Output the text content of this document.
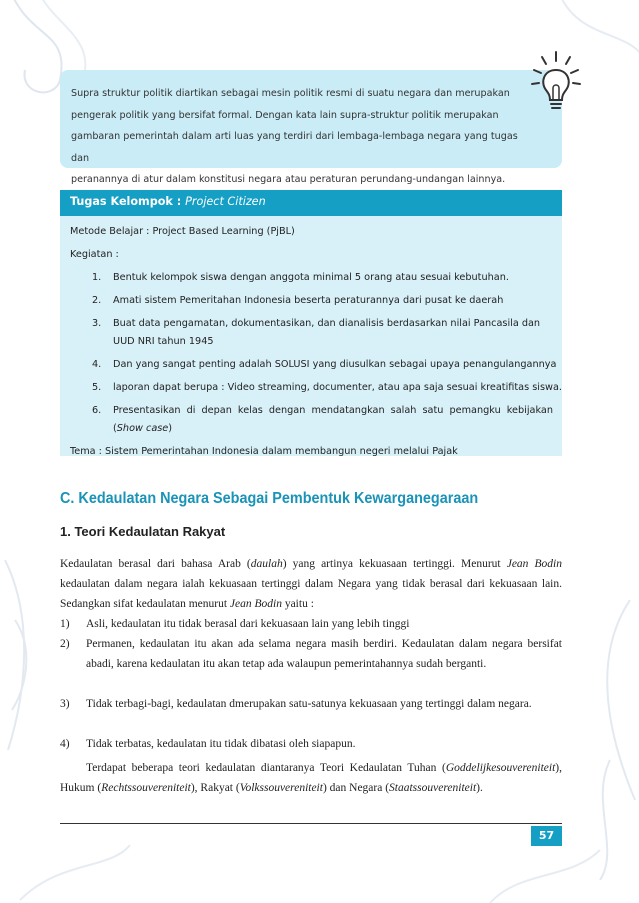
Supra struktur politik diartikan sebagai mesin politik resmi di suatu negara dan merupakan
pengerak politik yang bersifat formal. Dengan kata lain supra-struktur politik merupakan
gambaran pemerintah dalam arti luas yang terdiri dari lembaga-lembaga negara yang tugas dan
peranannya di atur dalam konstitusi negara atau peraturan perundang-undangan lainnya.

Tugas Kelompok : Project Citizen
Metode Belajar : Project Based Learning (PjBL)
Kegiatan :
1. Bentuk kelompok siswa dengan anggota minimal 5 orang atau sesuai kebutuhan.
2. Amati sistem Pemeritahan Indonesia beserta peraturannya dari pusat ke daerah
3. Buat data pengamatan, dokumentasikan, dan dianalisis berdasarkan nilai Pancasila dan
UUD NRI tahun 1945
4. Dan yang sangat penting adalah SOLUSI yang diusulkan sebagai upaya penangulangannya
5. laporan dapat berupa : Video streaming, documenter, atau apa saja sesuai kreatifitas siswa.
6. Presentasikan di depan kelas dengan mendatangkan salah satu pemangku kebijakan
(Show case)
Tema : Sistem Pemerintahan Indonesia dalam membangun negeri melalui Pajak
C. Kedaulatan Negara Sebagai Pembentuk Kewarganegaraan
1. Teori Kedaulatan Rakyat
Kedaulatan berasal dari bahasa Arab (daulah) yang artinya kekuasaan tertinggi. Menurut Jean Bodin kedaulatan dalam negara ialah kekuasaan tertinggi dalam Negara yang tidak berasal dari kekuasaan lain. Sedangkan sifat kedaulatan menurut Jean Bodin yaitu :
1) Asli, kedaulatan itu tidak berasal dari kekuasaan lain yang lebih tinggi
2) Permanen, kedaulatan itu akan ada selama negara masih berdiri. Kedaulatan dalam negara bersifat abadi, karena kedaulatan itu akan tetap ada walaupun pemerintahannya sudah berganti.
3) Tidak terbagi-bagi, kedaulatan dmerupakan satu-satunya kekuasaan yang tertinggi dalam negara.
4) Tidak terbatas, kedaulatan itu tidak dibatasi oleh siapapun.
Terdapat beberapa teori kedaulatan diantaranya Teori Kedaulatan Tuhan (Goddelijkesouvereniteit), Hukum (Rechtssouvereniteit), Rakyat (Volkssouvereniteit) dan Negara (Staatssouvereniteit).
57
